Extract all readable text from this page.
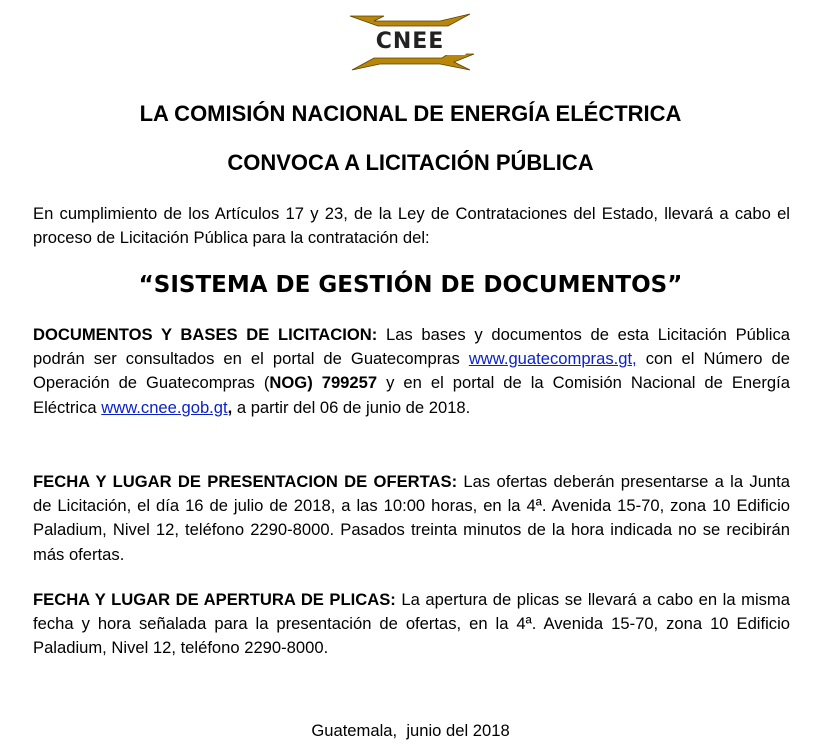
CNEE
LA COMISIÓN NACIONAL DE ENERGÍA ELÉCTRICA
CONVOCA A LICITACIÓN PÚBLICA
En cumplimiento de los Artículos 17 y 23, de la Ley de Contrataciones del Estado, llevará a cabo el proceso de Licitación Pública para la contratación del:
“SISTEMA DE GESTIÓN DE DOCUMENTOS”
DOCUMENTOS Y BASES DE LICITACION: Las bases y documentos de esta Licitación Pública podrán ser consultados en el portal de Guatecompras www.guatecompras.gt, con el Número de Operación de Guatecompras (NOG) 799257 y en el portal de la Comisión Nacional de Energía Eléctrica www.cnee.gob.gt, a partir del 06 de junio de 2018.
FECHA Y LUGAR DE PRESENTACION DE OFERTAS: Las ofertas deberán presentarse a la Junta de Licitación, el día 16 de julio de 2018, a las 10:00 horas, en la 4ª. Avenida 15-70, zona 10 Edificio Paladium, Nivel 12, teléfono 2290-8000. Pasados treinta minutos de la hora indicada no se recibirán más ofertas.
FECHA Y LUGAR DE APERTURA DE PLICAS: La apertura de plicas se llevará a cabo en la misma fecha y hora señalada para la presentación de ofertas, en la 4ª. Avenida 15-70, zona 10 Edificio Paladium, Nivel 12, teléfono 2290-8000.
Guatemala,  junio del 2018
